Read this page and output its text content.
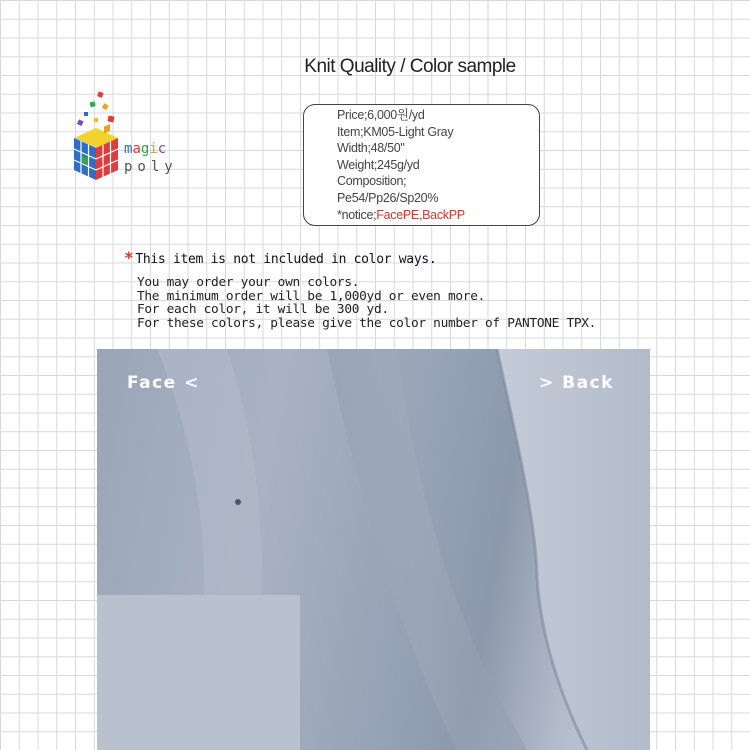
Knit Quality / Color sample
magic
poly
Price;6,000원/yd
Item;KM05-Light Gray
Width;48/50"
Weight;245g/yd
Composition;
Pe54/Pp26/Sp20%
*notice;FacePE,BackPP
* This item is not included in color ways.
You may order your own colors.
The minimum order will be 1,000yd or even more.
For each color, it will be 300 yd.
For these colors, please give the color number of PANTONE TPX.
Face <	> Back
